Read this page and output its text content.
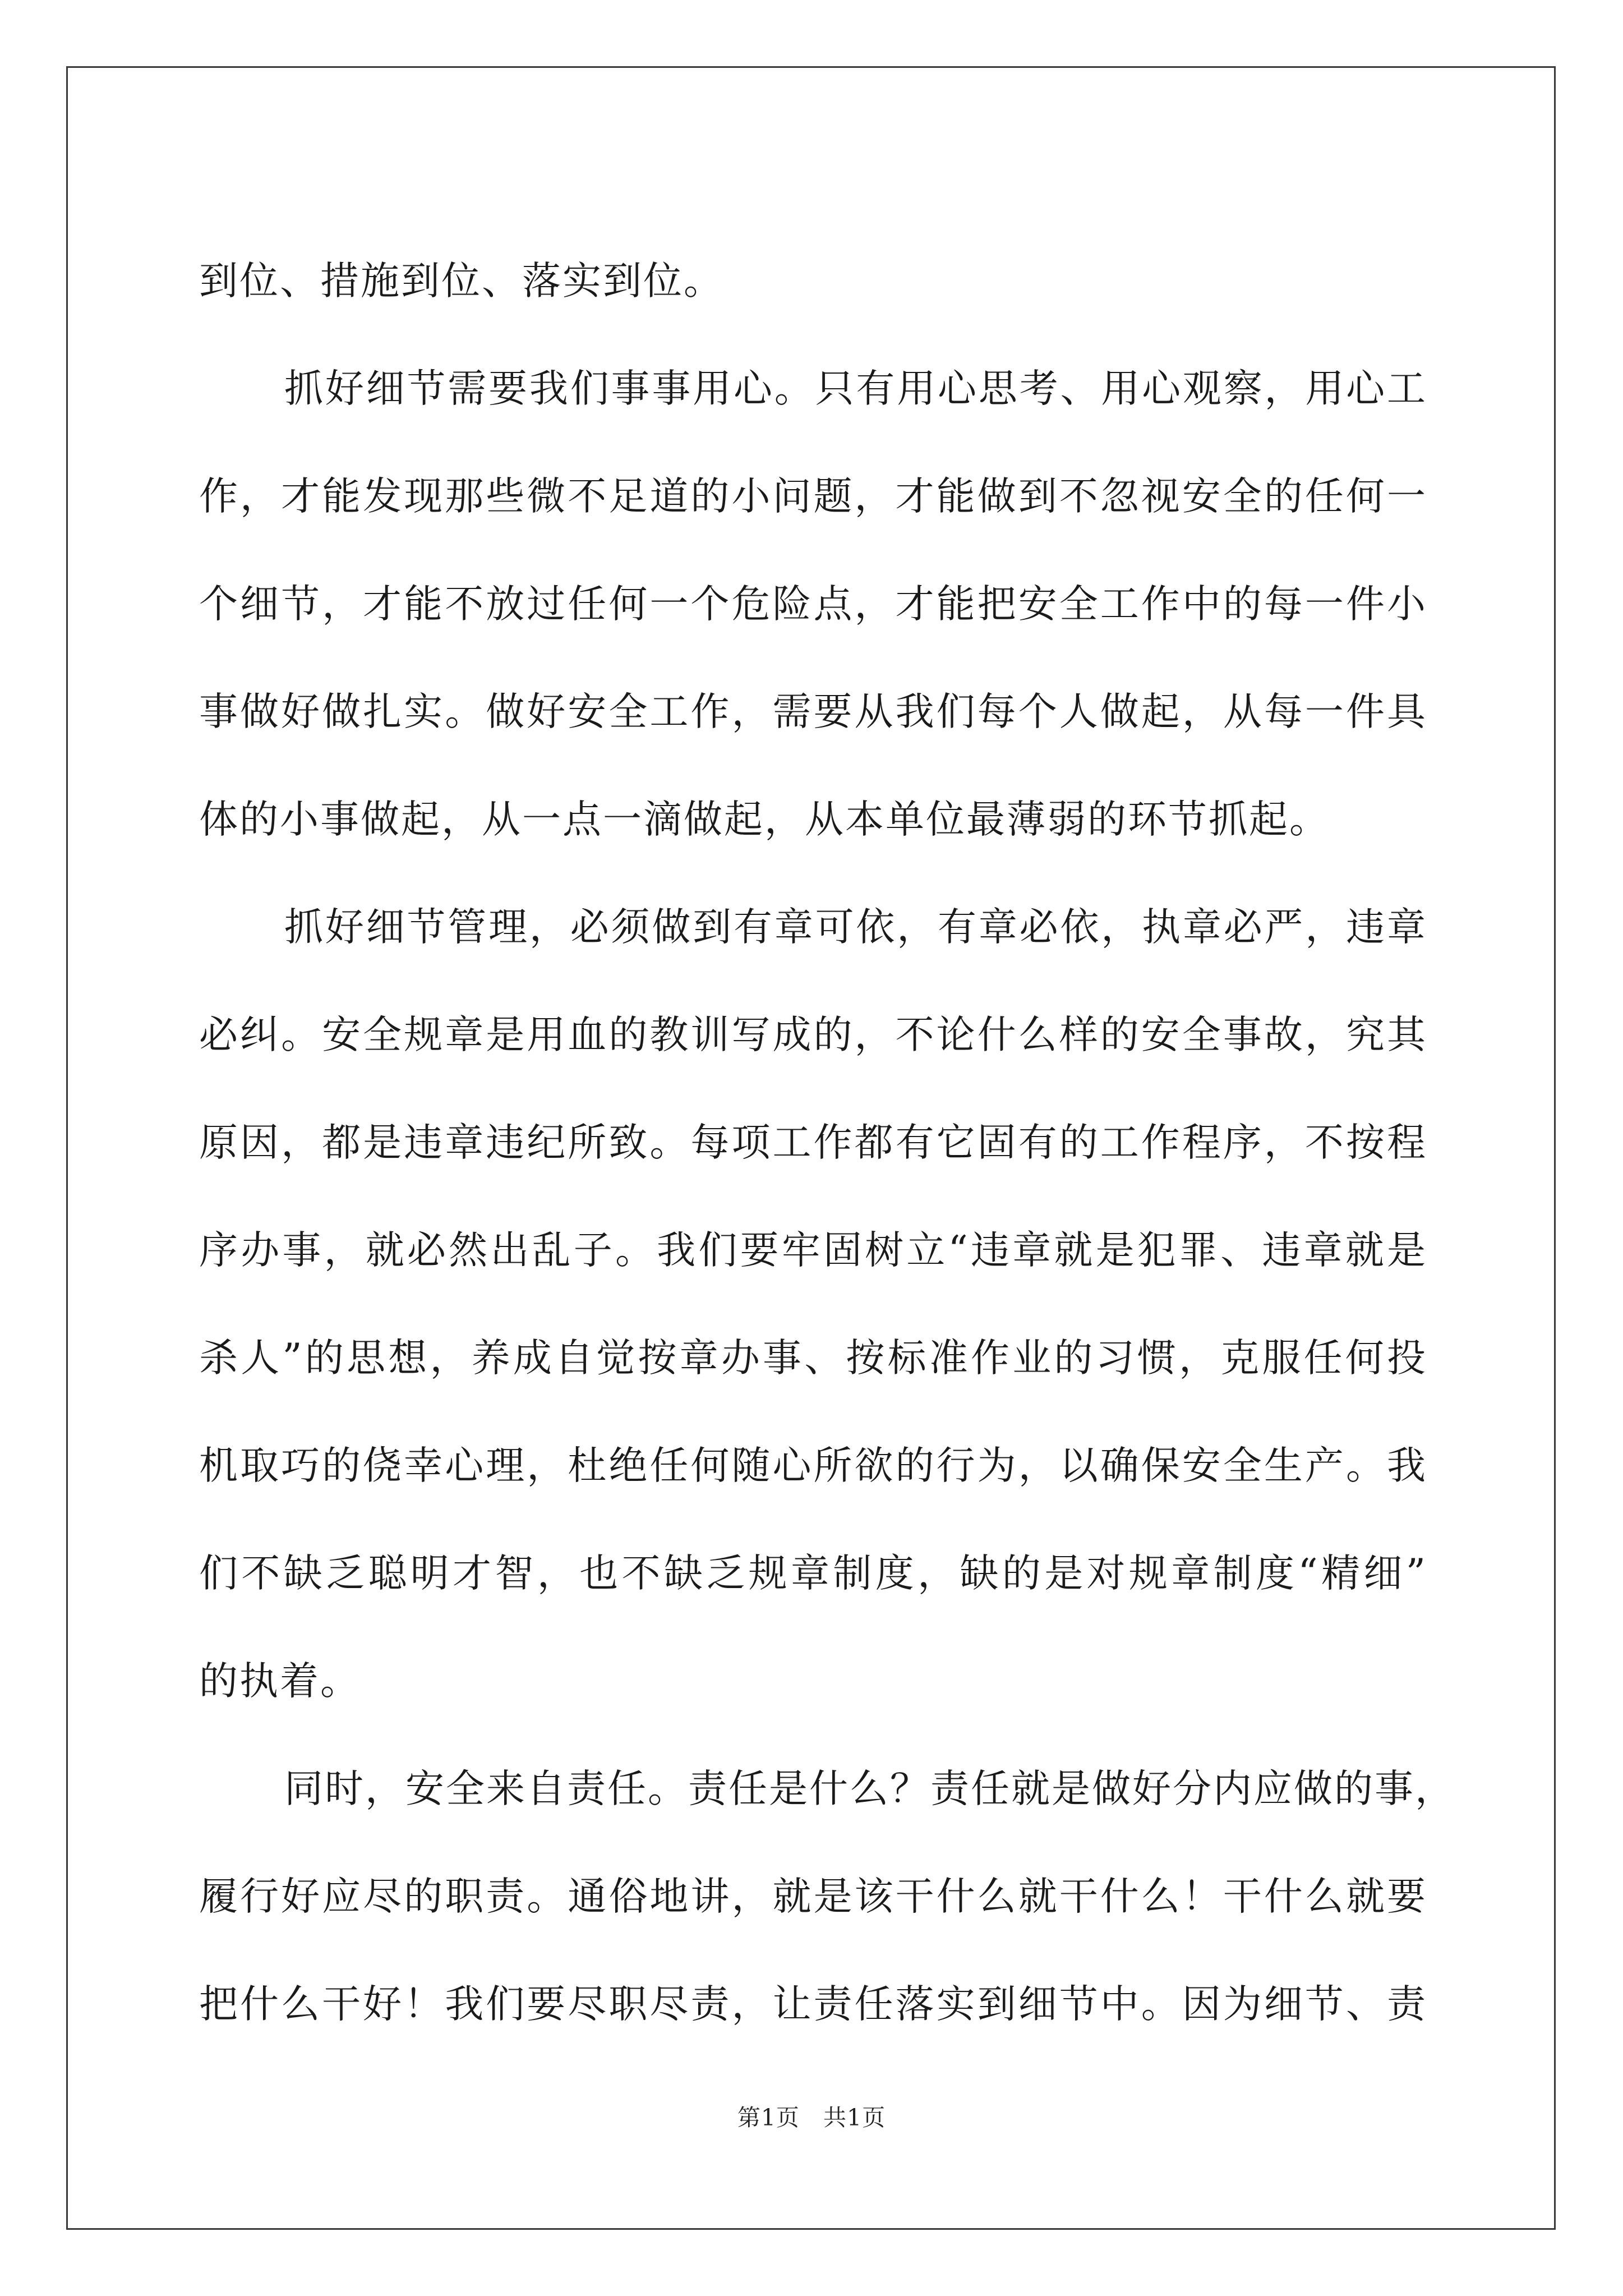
到位、措施到位、落实到位。
抓好细节需要我们事事用心。只有用心思考、用心观察，用心工
作，才能发现那些微不足道的小问题，才能做到不忽视安全的任何一
个细节，才能不放过任何一个危险点，才能把安全工作中的每一件小
事做好做扎实。做好安全工作，需要从我们每个人做起，从每一件具
体的小事做起，从一点一滴做起，从本单位最薄弱的环节抓起。
抓好细节管理，必须做到有章可依，有章必依，执章必严，违章
必纠。安全规章是用血的教训写成的，不论什么样的安全事故，究其
原因，都是违章违纪所致。每项工作都有它固有的工作程序，不按程
序办事，就必然出乱子。我们要牢固树立“违章就是犯罪、违章就是
杀人”的思想，养成自觉按章办事、按标准作业的习惯，克服任何投
机取巧的侥幸心理，杜绝任何随心所欲的行为，以确保安全生产。我
们不缺乏聪明才智，也不缺乏规章制度，缺的是对规章制度“精细”
的执着。
同时，安全来自责任。责任是什么？责任就是做好分内应做的事，
履行好应尽的职责。通俗地讲，就是该干什么就干什么！干什么就要
把什么干好！我们要尽职尽责，让责任落实到细节中。因为细节、责
第1页 共1页
